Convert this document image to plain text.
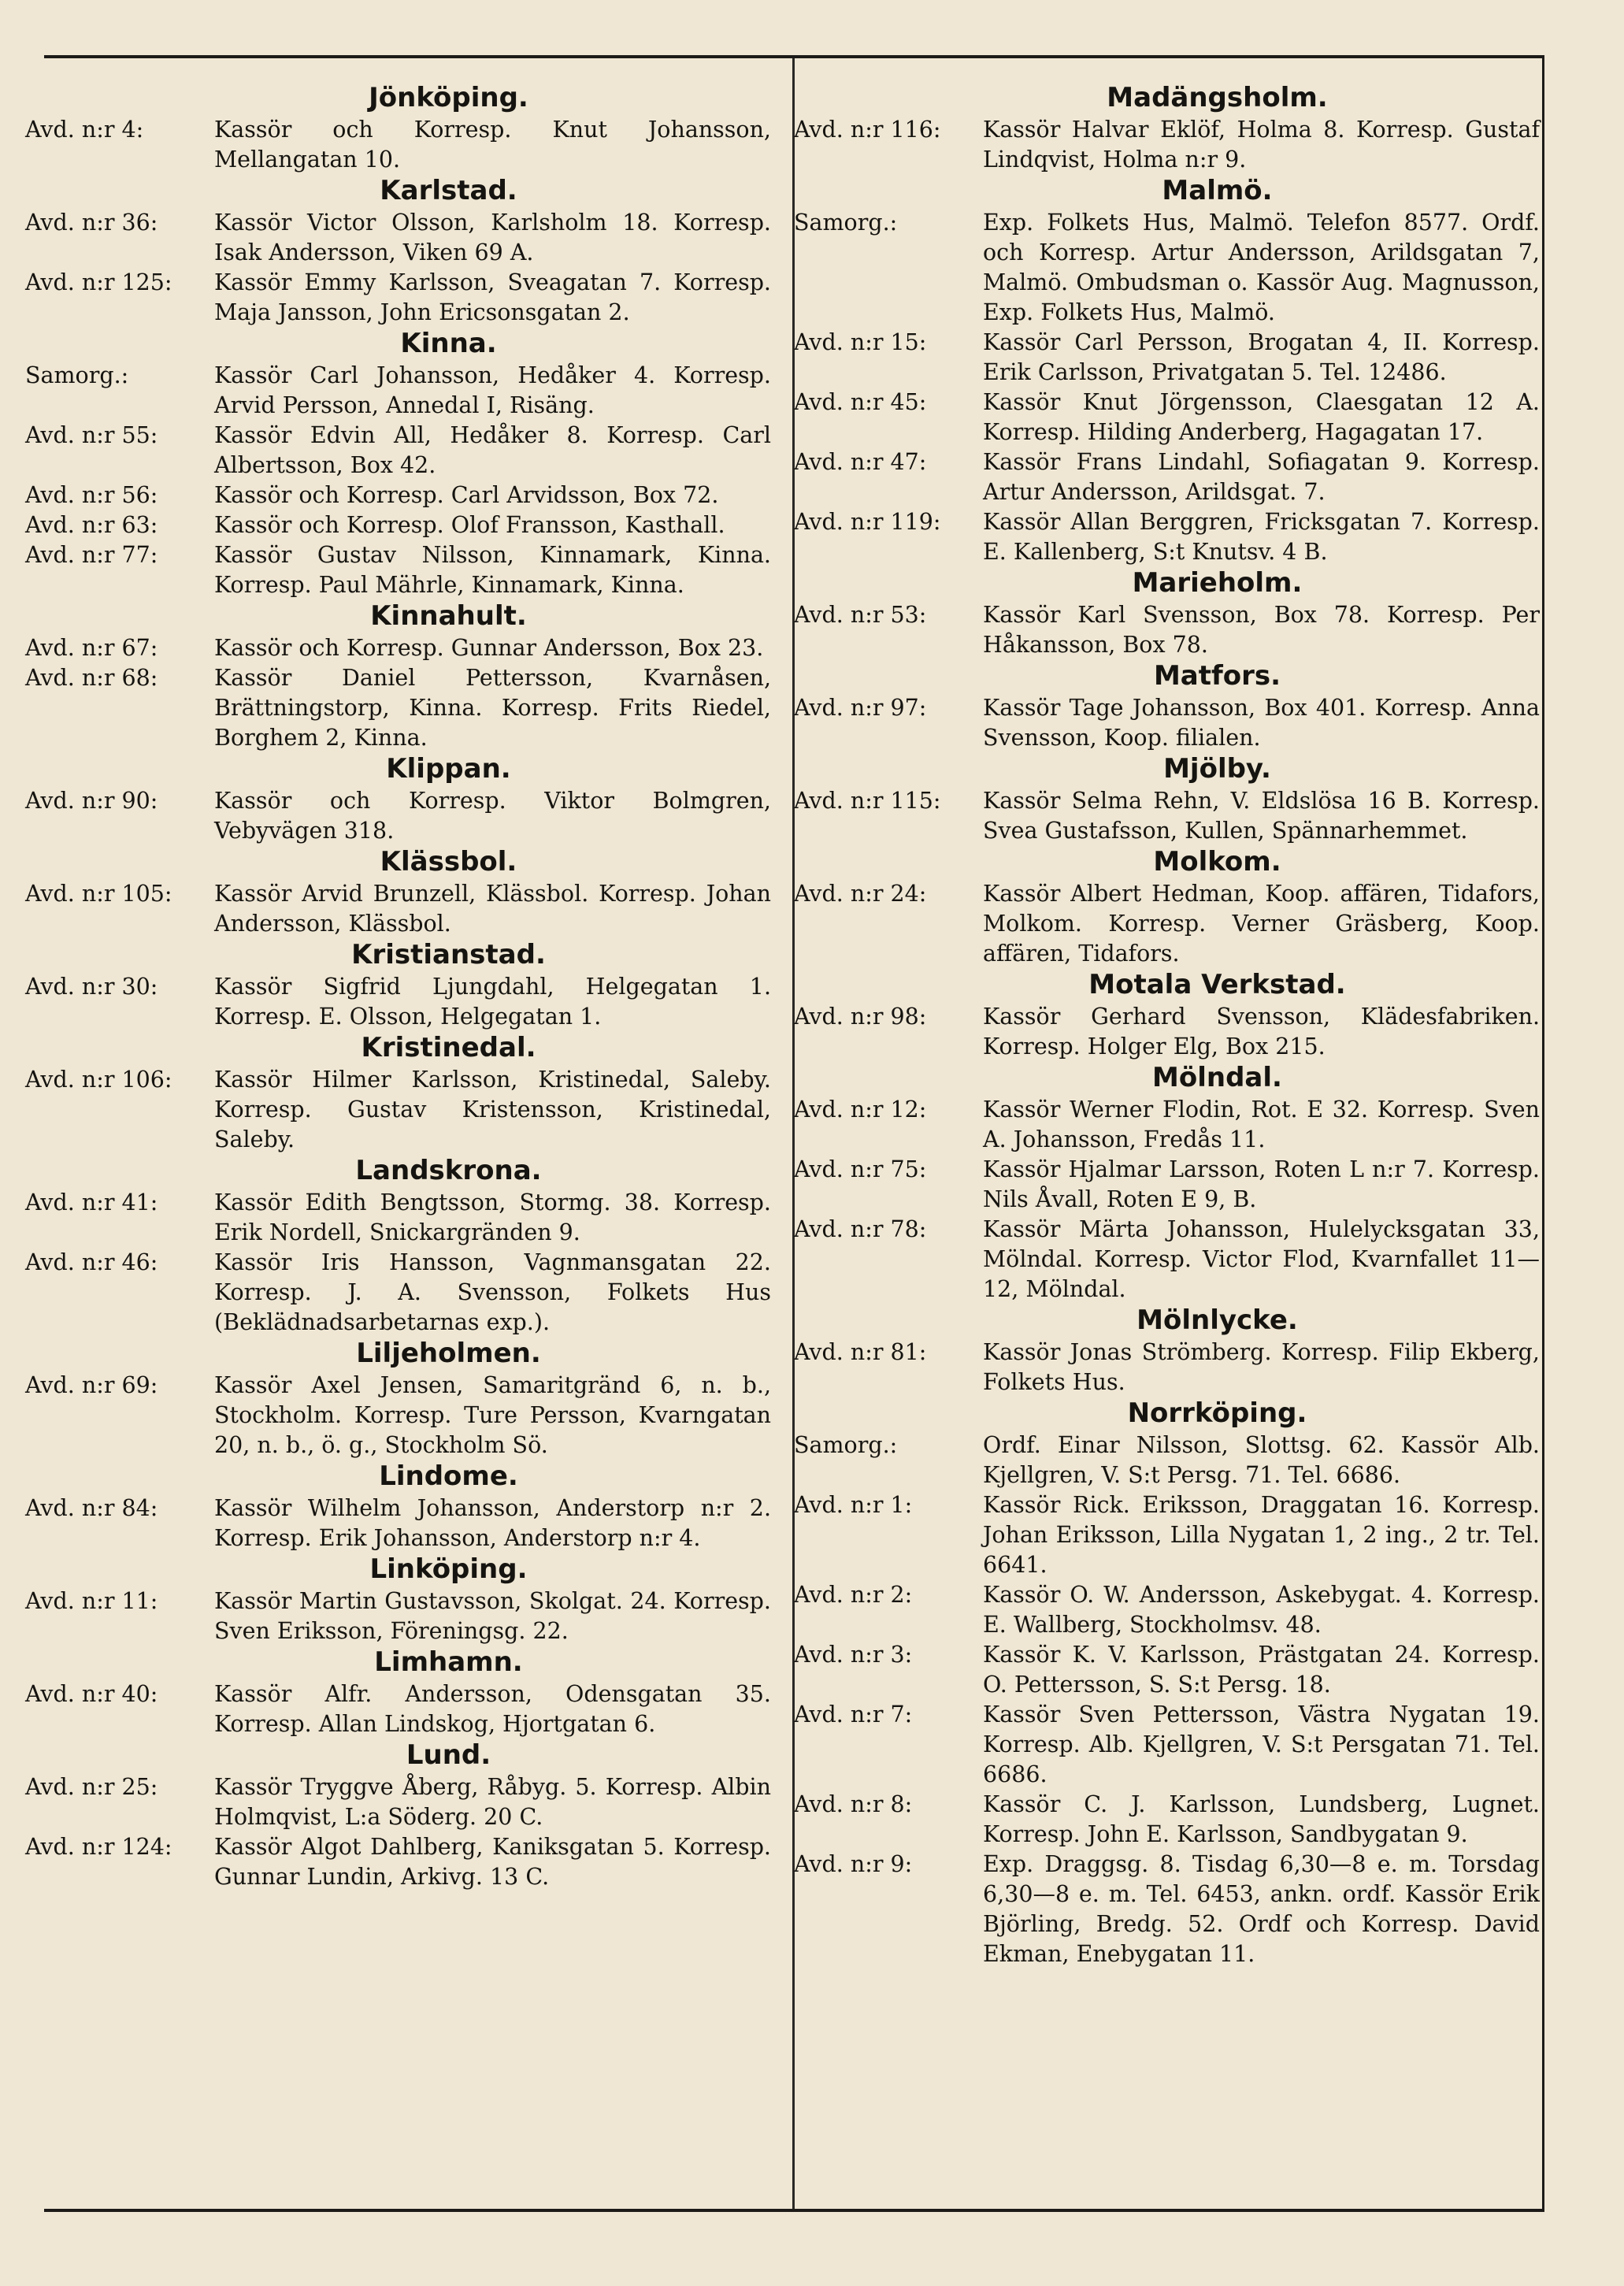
Jönköping.
Avd. n:r 4:	Kassör och Korresp. Knut Johansson, Mellangatan 10.
Karlstad.
Avd. n:r 36:	Kassör Victor Olsson, Karlsholm 18. Korresp. Isak Andersson, Viken 69 A.
Avd. n:r 125:	Kassör Emmy Karlsson, Sveagatan 7. Korresp. Maja Jansson, John Ericsonsgatan 2.
Kinna.
Samorg.:	Kassör Carl Johansson, Hedåker 4. Korresp. Arvid Persson, Annedal I, Risäng.
Avd. n:r 55:	Kassör Edvin All, Hedåker 8. Korresp. Carl Albertsson, Box 42.
Avd. n:r 56:	Kassör och Korresp. Carl Arvidsson, Box 72.
Avd. n:r 63:	Kassör och Korresp. Olof Fransson, Kasthall.
Avd. n:r 77:	Kassör Gustav Nilsson, Kinnamark, Kinna. Korresp. Paul Mährle, Kinnamark, Kinna.
Kinnahult.
Avd. n:r 67:	Kassör och Korresp. Gunnar Andersson, Box 23.
Avd. n:r 68:	Kassör Daniel Pettersson, Kvarnåsen, Brättningstorp, Kinna. Korresp. Frits Riedel, Borghem 2, Kinna.
Klippan.
Avd. n:r 90:	Kassör och Korresp. Viktor Bolmgren, Vebyvägen 318.
Klässbol.
Avd. n:r 105:	Kassör Arvid Brunzell, Klässbol. Korresp. Johan Andersson, Klässbol.
Kristianstad.
Avd. n:r 30:	Kassör Sigfrid Ljungdahl, Helgegatan 1. Korresp. E. Olsson, Helgegatan 1.
Kristinedal.
Avd. n:r 106:	Kassör Hilmer Karlsson, Kristinedal, Saleby. Korresp. Gustav Kristensson, Kristinedal, Saleby.
Landskrona.
Avd. n:r 41:	Kassör Edith Bengtsson, Stormg. 38. Korresp. Erik Nordell, Snickargränden 9.
Avd. n:r 46:	Kassör Iris Hansson, Vagnmansgatan 22. Korresp. J. A. Svensson, Folkets Hus (Beklädnadsarbetarnas exp.).
Liljeholmen.
Avd. n:r 69:	Kassör Axel Jensen, Samaritgränd 6, n. b., Stockholm. Korresp. Ture Persson, Kvarngatan 20, n. b., ö. g., Stockholm Sö.
Lindome.
Avd. n:r 84:	Kassör Wilhelm Johansson, Anderstorp n:r 2. Korresp. Erik Johansson, Anderstorp n:r 4.
Linköping.
Avd. n:r 11:	Kassör Martin Gustavsson, Skolgat. 24. Korresp. Sven Eriksson, Föreningsg. 22.
Limhamn.
Avd. n:r 40:	Kassör Alfr. Andersson, Odensgatan 35. Korresp. Allan Lindskog, Hjortgatan 6.
Lund.
Avd. n:r 25:	Kassör Tryggve Åberg, Råbyg. 5. Korresp. Albin Holmqvist, L:a Söderg. 20 C.
Avd. n:r 124:	Kassör Algot Dahlberg, Kaniksgatan 5. Korresp. Gunnar Lundin, Arkivg. 13 C.
Madängsholm.
Avd. n:r 116:	Kassör Halvar Eklöf, Holma 8. Korresp. Gustaf Lindqvist, Holma n:r 9.
Malmö.
Samorg.:	Exp. Folkets Hus, Malmö. Telefon 8577. Ordf. och Korresp. Artur Andersson, Arildsgatan 7, Malmö. Ombudsman o. Kassör Aug. Magnusson, Exp. Folkets Hus, Malmö.
Avd. n:r 15:	Kassör Carl Persson, Brogatan 4, II. Korresp. Erik Carlsson, Privatgatan 5. Tel. 12486.
Avd. n:r 45:	Kassör Knut Jörgensson, Claesgatan 12 A. Korresp. Hilding Anderberg, Hagagatan 17.
Avd. n:r 47:	Kassör Frans Lindahl, Sofiagatan 9. Korresp. Artur Andersson, Arildsgat. 7.
Avd. n:r 119:	Kassör Allan Berggren, Fricksgatan 7. Korresp. E. Kallenberg, S:t Knutsv. 4 B.
Marieholm.
Avd. n:r 53:	Kassör Karl Svensson, Box 78. Korresp. Per Håkansson, Box 78.
Matfors.
Avd. n:r 97:	Kassör Tage Johansson, Box 401. Korresp. Anna Svensson, Koop. filialen.
Mjölby.
Avd. n:r 115:	Kassör Selma Rehn, V. Eldslösa 16 B. Korresp. Svea Gustafsson, Kullen, Spännarhemmet.
Molkom.
Avd. n:r 24:	Kassör Albert Hedman, Koop. affären, Tidafors, Molkom. Korresp. Verner Gräsberg, Koop. affären, Tidafors.
Motala Verkstad.
Avd. n:r 98:	Kassör Gerhard Svensson, Klädesfabriken. Korresp. Holger Elg, Box 215.
Mölndal.
Avd. n:r 12:	Kassör Werner Flodin, Rot. E 32. Korresp. Sven A. Johansson, Fredås 11.
Avd. n:r 75:	Kassör Hjalmar Larsson, Roten L n:r 7. Korresp. Nils Åvall, Roten E 9, B.
Avd. n:r 78:	Kassör Märta Johansson, Hulelycksgatan 33, Mölndal. Korresp. Victor Flod, Kvarnfallet 11—12, Mölndal.
Mölnlycke.
Avd. n:r 81:	Kassör Jonas Strömberg. Korresp. Filip Ekberg, Folkets Hus.
Norrköping.
Samorg.:	Ordf. Einar Nilsson, Slottsg. 62. Kassör Alb. Kjellgren, V. S:t Persg. 71. Tel. 6686.
Avd. n:r 1:	Kassör Rick. Eriksson, Draggatan 16. Korresp. Johan Eriksson, Lilla Nygatan 1, 2 ing., 2 tr. Tel. 6641.
Avd. n:r 2:	Kassör O. W. Andersson, Askebygat. 4. Korresp. E. Wallberg, Stockholmsv. 48.
Avd. n:r 3:	Kassör K. V. Karlsson, Prästgatan 24. Korresp. O. Pettersson, S. S:t Persg. 18.
Avd. n:r 7:	Kassör Sven Pettersson, Västra Nygatan 19. Korresp. Alb. Kjellgren, V. S:t Persgatan 71. Tel. 6686.
Avd. n:r 8:	Kassör C. J. Karlsson, Lundsberg, Lugnet. Korresp. John E. Karlsson, Sandbygatan 9.
Avd. n:r 9:	Exp. Draggsg. 8. Tisdag 6,30—8 e. m. Torsdag 6,30—8 e. m. Tel. 6453, ankn. ordf. Kassör Erik Björling, Bredg. 52. Ordf och Korresp. David Ekman, Enebygatan 11.
